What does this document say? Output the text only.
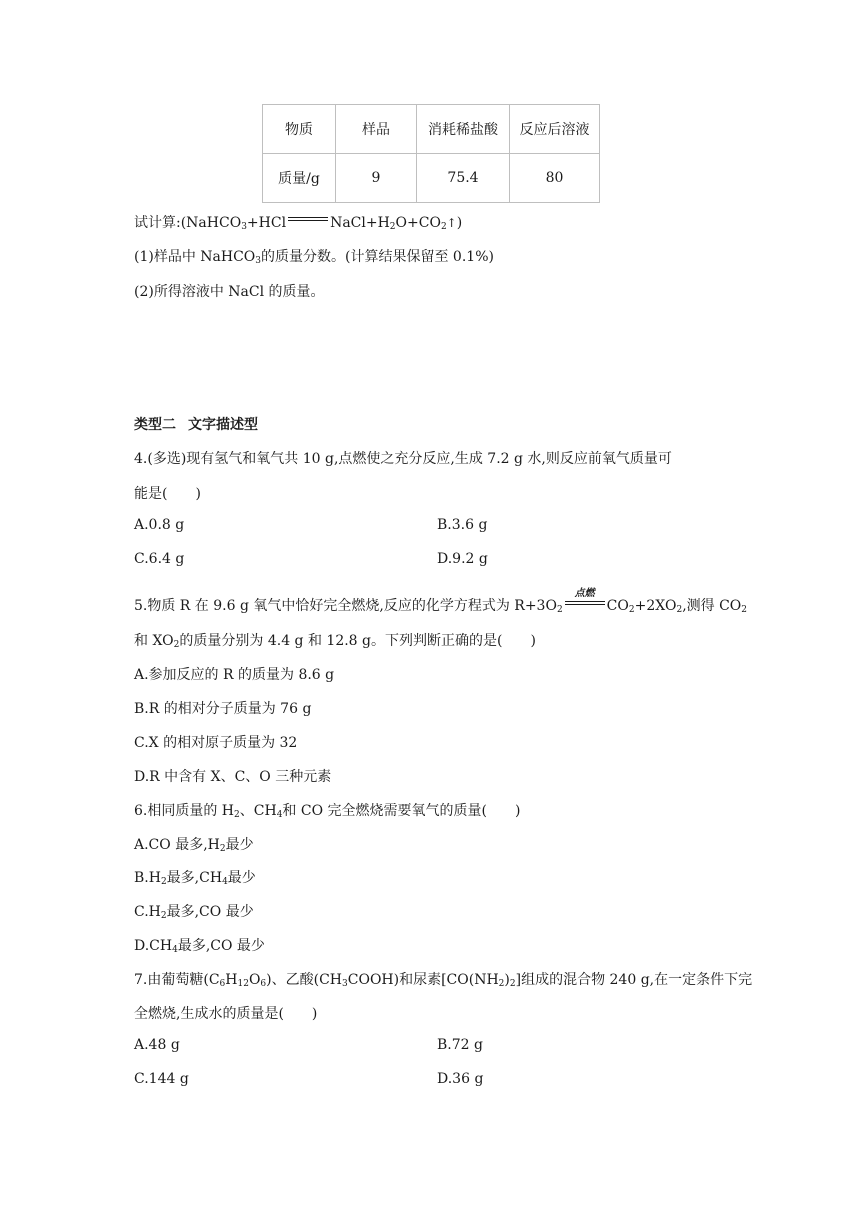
物质	样品	消耗稀盐酸	反应后溶液
质量/g	9	75.4	80
试计算:(NaHCO$_3$+HCl	$NaCl+H_2O+CO_2↑$)
(1)样品中 NaHCO$_3$的质量分数。(计算结果保留至 0.1%)
(2)所得溶液中 NaCl 的质量。
类型二 文字描述型
4.(多选)现有氢气和氧气共 10 g,点燃使之充分反应,生成 7.2 g 水,则反应前氧气质量可
能是( )
A.0.8 g	B.3.6 g
C.6.4 g	D.9.2 g
5.物质 R 在 9.6 g 氧气中恰好完全燃烧,反应的化学方程式为 $R+3O_2$
点燃
$CO_2+2XO_2$,测得 $CO_2$
和 $XO_2$的质量分别为 4.4 g 和 12.8 g。下列判断正确的是( )
A.参加反应的 R 的质量为 8.6 g
B.R 的相对分子质量为 76 g
C.X 的相对原子质量为 32
D.R 中含有 X、C、O 三种元素
6.相同质量的 $H_2$、$CH_4$和 CO 完全燃烧需要氧气的质量( )
A.CO 最多$,H_2$最少
$B.H_2$最多$,CH_4$最少
$C.H_2$最多,CO 最少
$D.CH_4$最多,CO 最少
7.由葡萄糖$(C_6H_{12}O_6)$、乙酸$(CH_3COOH)$和尿素$[CO(NH_2)_2]$组成的混合物 240 g,在一定条件下完
全燃烧,生成水的质量是( )
A.48 g	B.72 g
C.144 g	D.36 g
